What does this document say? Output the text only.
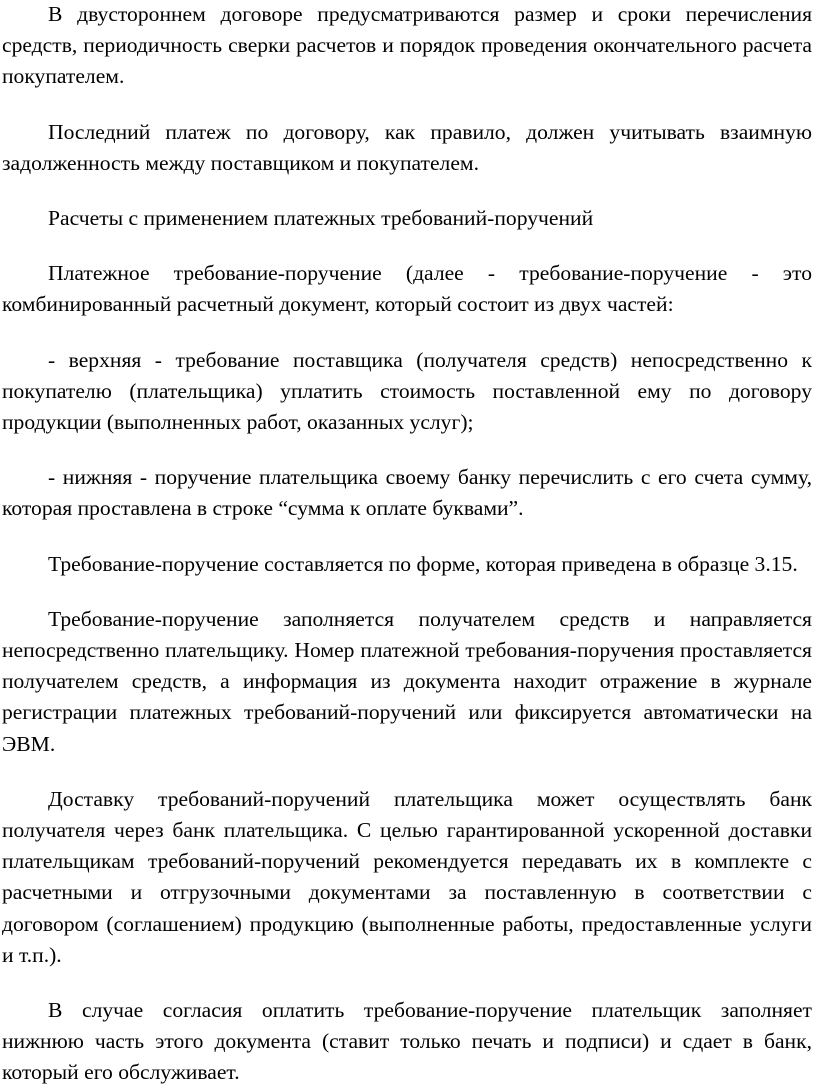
В двустороннем договоре предусматриваются размер и сроки перечисления средств, периодичность сверки расчетов и порядок проведения окончательного расчета покупателем.

Последний платеж по договору, как правило, должен учитывать взаимную задолженность между поставщиком и покупателем.

Расчеты с применением платежных требований-поручений

Платежное требование-поручение (далее - требование-поручение - это комбинированный расчетный документ, который состоит из двух частей:

- верхняя - требование поставщика (получателя средств) непосредственно к покупателю (плательщика) уплатить стоимость поставленной ему по договору продукции (выполненных работ, оказанных услуг);

- нижняя - поручение плательщика своему банку перечислить с его счета сумму, которая проставлена в строке “сумма к оплате буквами”.

Требование-поручение составляется по форме, которая приведена в образце 3.15.

Требование-поручение заполняется получателем средств и направляется непосредственно плательщику. Номер платежной требования-поручения проставляется получателем средств, а информация из документа находит отражение в журнале регистрации платежных требований-поручений или фиксируется автоматически на ЭВМ.

Доставку требований-поручений плательщика может осуществлять банк получателя через банк плательщика. С целью гарантированной ускоренной доставки плательщикам требований-поручений рекомендуется передавать их в комплекте с расчетными и отгрузочными документами за поставленную в соответствии с договором (соглашением) продукцию (выполненные работы, предоставленные услуги и т.п.).

В случае согласия оплатить требование-поручение плательщик заполняет нижнюю часть этого документа (ставит только печать и подписи) и сдает в банк, который его обслуживает.
